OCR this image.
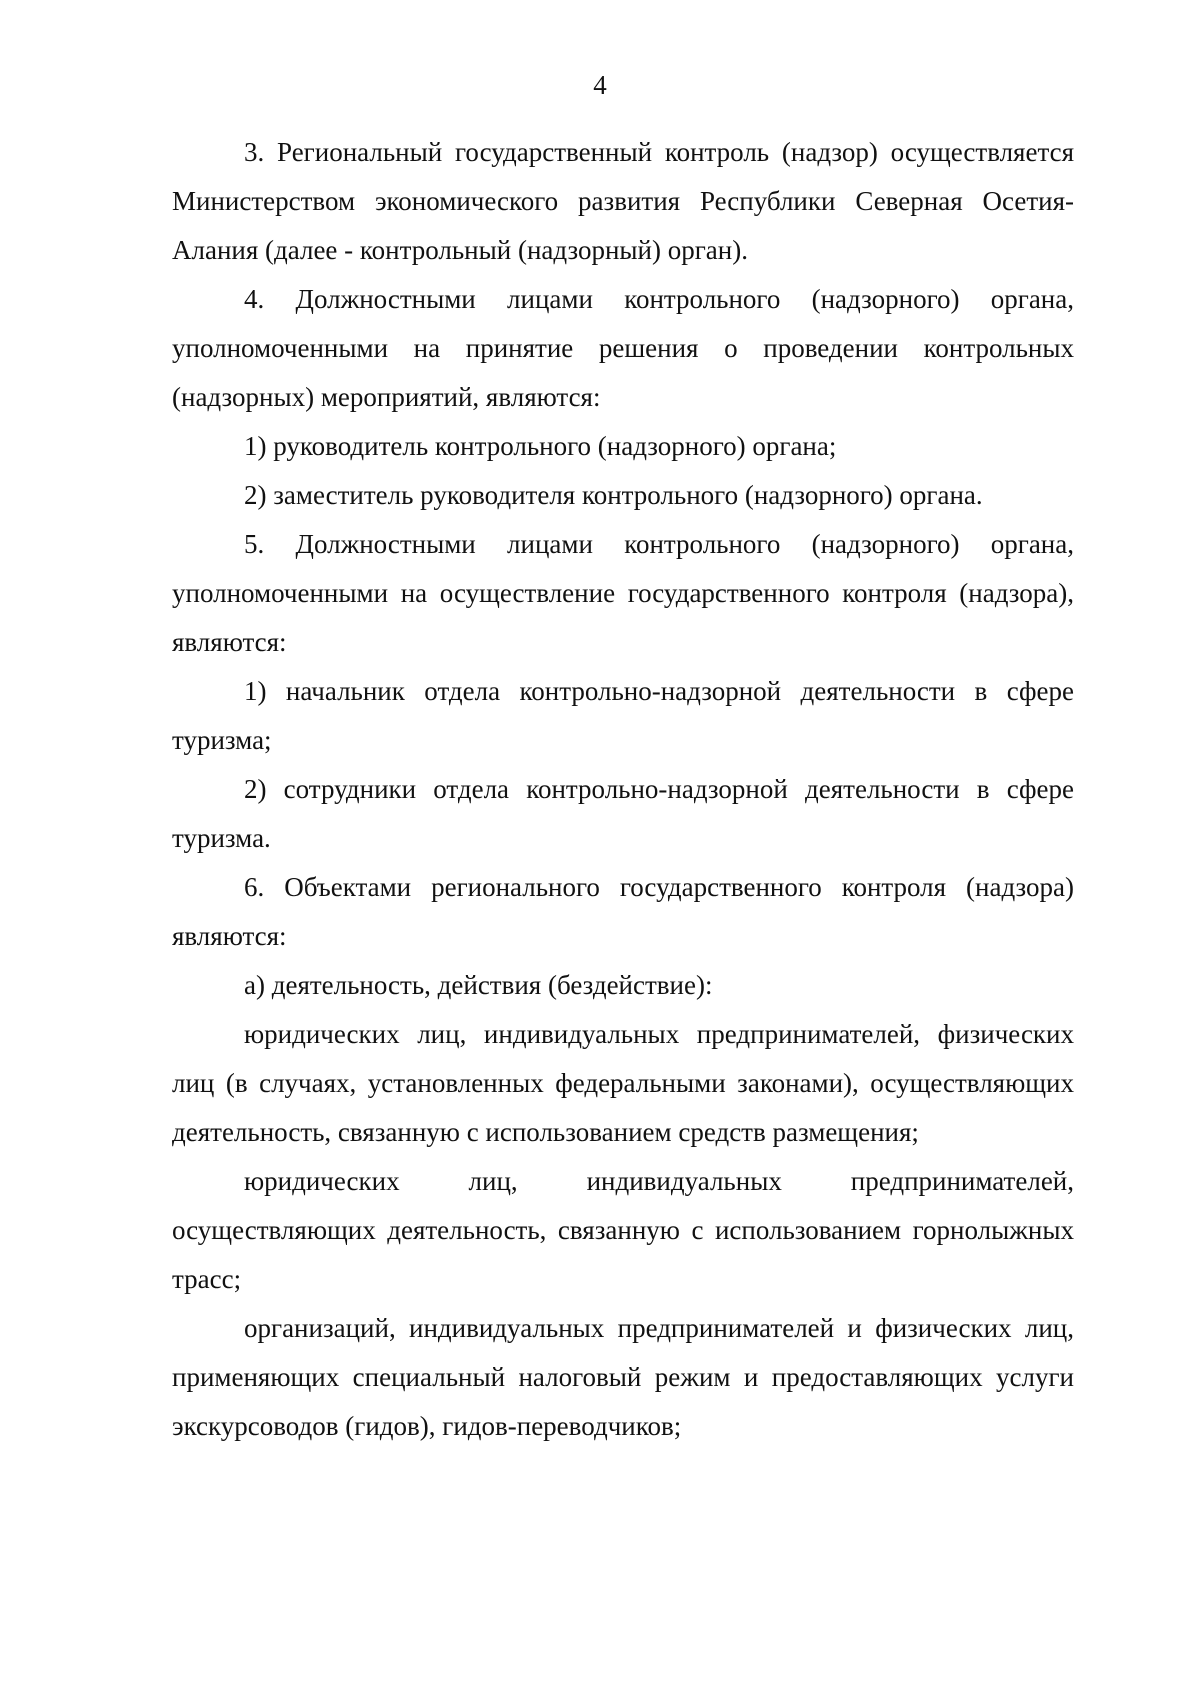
4

3. Региональный государственный контроль (надзор) осуществляется Министерством экономического развития Республики Северная Осетия-Алания (далее - контрольный (надзорный) орган).

4. Должностными лицами контрольного (надзорного) органа, уполномоченными на принятие решения о проведении контрольных (надзорных) мероприятий, являются:

1) руководитель контрольного (надзорного) органа;

2) заместитель руководителя контрольного (надзорного) органа.

5. Должностными лицами контрольного (надзорного) органа, уполномоченными на осуществление государственного контроля (надзора), являются:

1) начальник отдела контрольно-надзорной деятельности в сфере туризма;

2) сотрудники отдела контрольно-надзорной деятельности в сфере туризма.

6. Объектами регионального государственного контроля (надзора) являются:

а) деятельность, действия (бездействие):

юридических лиц, индивидуальных предпринимателей, физических лиц (в случаях, установленных федеральными законами), осуществляющих деятельность, связанную с использованием средств размещения;

юридических лиц, индивидуальных предпринимателей, осуществляющих деятельность, связанную с использованием горнолыжных трасс;

организаций, индивидуальных предпринимателей и физических лиц, применяющих специальный налоговый режим и предоставляющих услуги экскурсоводов (гидов), гидов-переводчиков;
